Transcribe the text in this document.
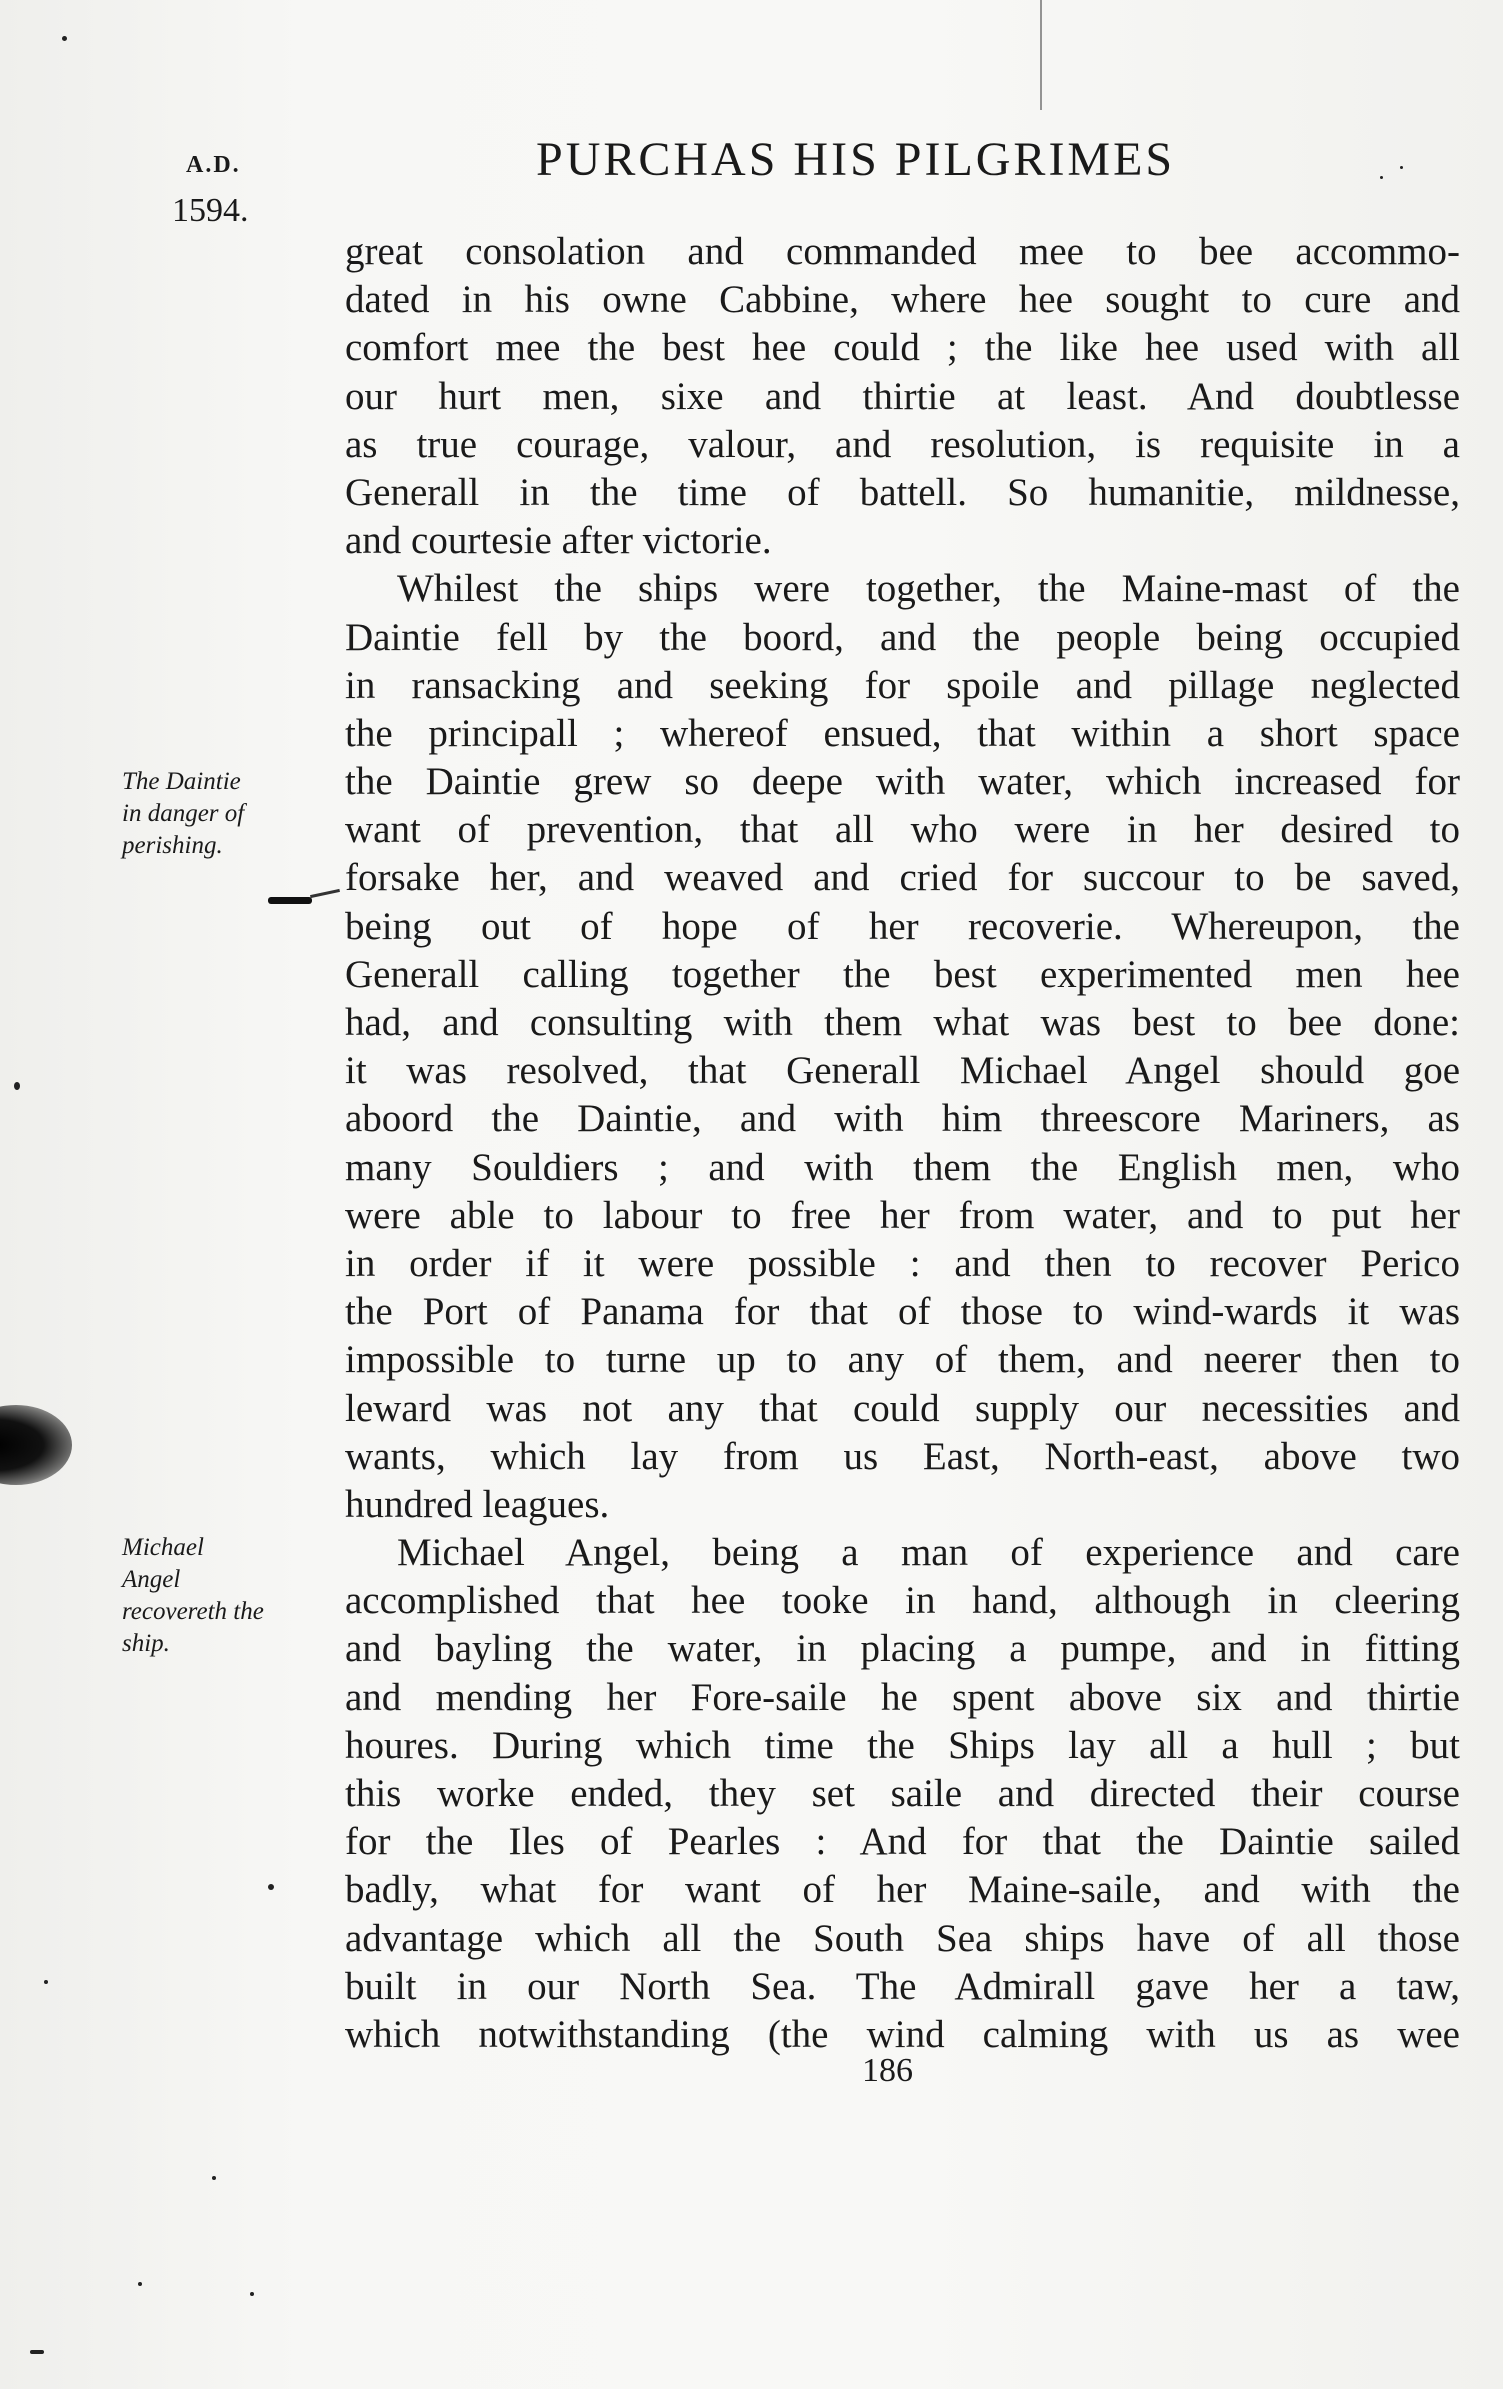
A.D.
1594.
PURCHAS HIS PILGRIMES
The Daintie
in danger of
perishing.
Michael
Angel
recovereth the
ship.
great consolation and commanded mee to bee accommo-
dated in his owne Cabbine, where hee sought to cure and
comfort mee the best hee could ; the like hee used with all
our hurt men, sixe and thirtie at least. And doubtlesse
as true courage, valour, and resolution, is requisite in a
Generall in the time of battell. So humanitie, mildnesse,
and courtesie after victorie.
Whilest the ships were together, the Maine-mast of the
Daintie fell by the boord, and the people being occupied
in ransacking and seeking for spoile and pillage neglected
the principall ; whereof ensued, that within a short space
the Daintie grew so deepe with water, which increased for
want of prevention, that all who were in her desired to
forsake her, and weaved and cried for succour to be saved,
being out of hope of her recoverie. Whereupon, the
Generall calling together the best experimented men hee
had, and consulting with them what was best to bee done:
it was resolved, that Generall Michael Angel should goe
aboord the Daintie, and with him threescore Mariners, as
many Souldiers ; and with them the English men, who
were able to labour to free her from water, and to put her
in order if it were possible : and then to recover Perico
the Port of Panama for that of those to wind-wards it was
impossible to turne up to any of them, and neerer then to
leward was not any that could supply our necessities and
wants, which lay from us East, North-east, above two
hundred leagues.
Michael Angel, being a man of experience and care
accomplished that hee tooke in hand, although in cleering
and bayling the water, in placing a pumpe, and in fitting
and mending her Fore-saile he spent above six and thirtie
houres. During which time the Ships lay all a hull ; but
this worke ended, they set saile and directed their course
for the Iles of Pearles : And for that the Daintie sailed
badly, what for want of her Maine-saile, and with the
advantage which all the South Sea ships have of all those
built in our North Sea. The Admirall gave her a taw,
which notwithstanding (the wind calming with us as wee
186
